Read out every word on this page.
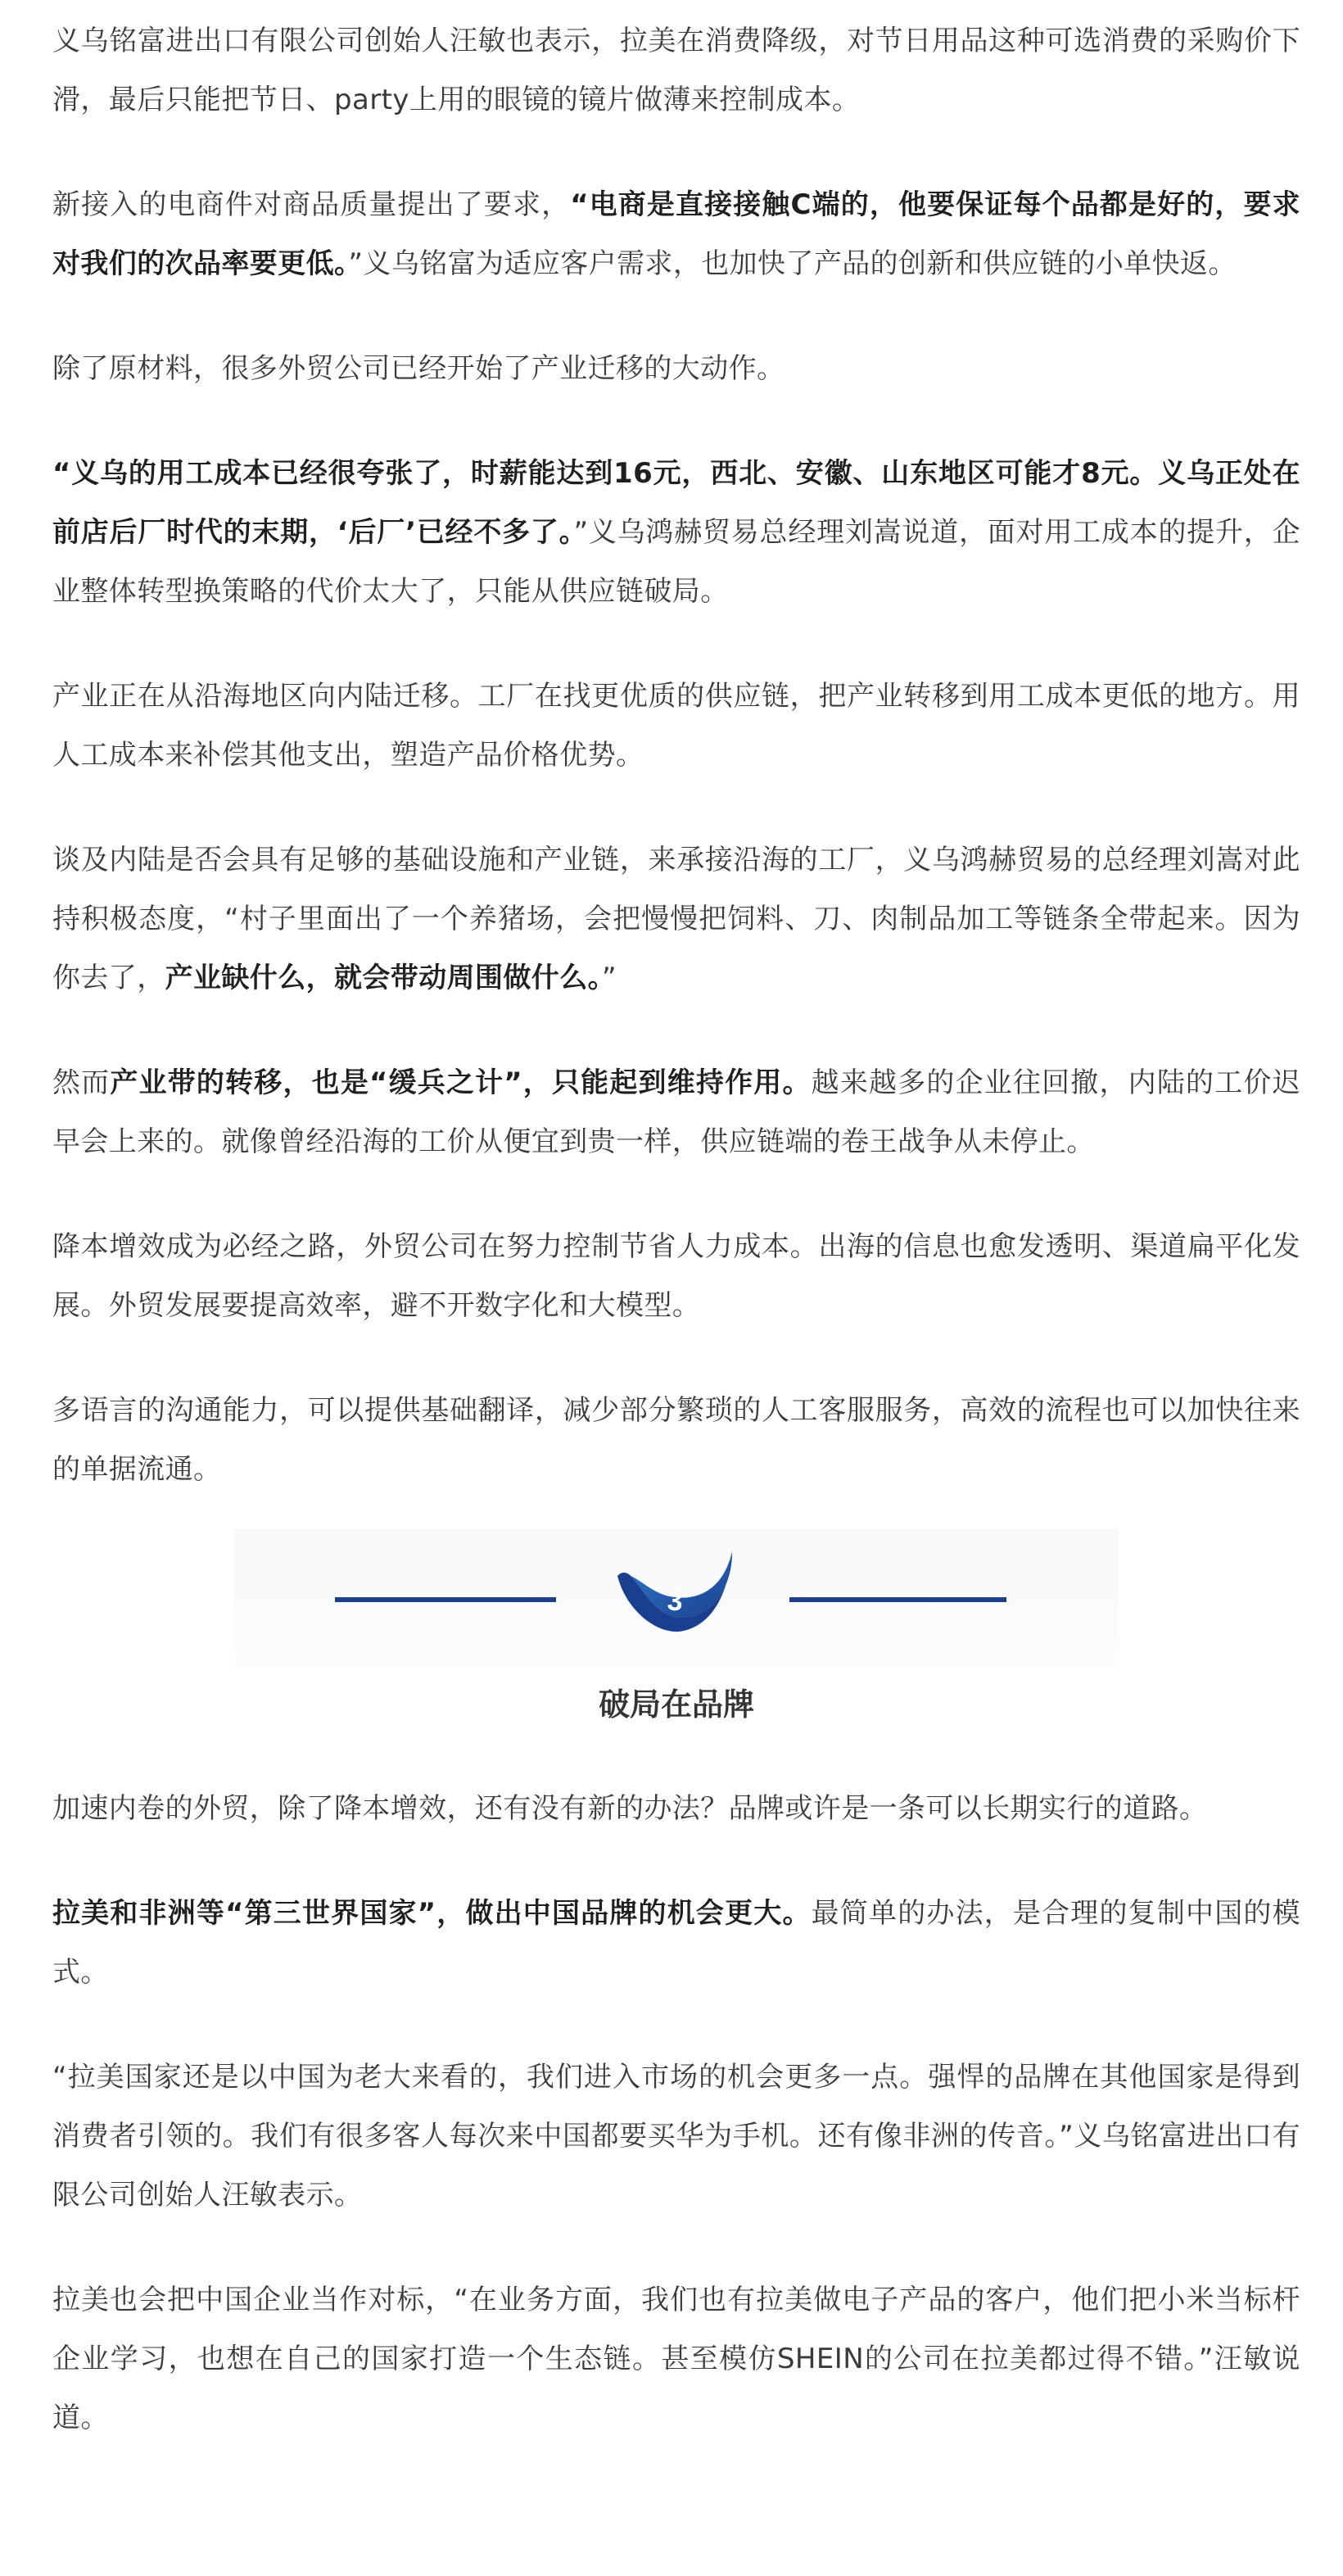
义乌铭富进出口有限公司创始人汪敏也表示，拉美在消费降级，对节日用品这种可选消费的采购价下滑，最后只能把节日、party上用的眼镜的镜片做薄来控制成本。

新接入的电商件对商品质量提出了要求，“电商是直接接触C端的，他要保证每个品都是好的，要求对我们的次品率要更低。”义乌铭富为适应客户需求，也加快了产品的创新和供应链的小单快返。

除了原材料，很多外贸公司已经开始了产业迁移的大动作。

“义乌的用工成本已经很夸张了，时薪能达到16元，西北、安徽、山东地区可能才8元。义乌正处在前店后厂时代的末期，‘后厂’已经不多了。”义乌鸿赫贸易总经理刘嵩说道，面对用工成本的提升，企业整体转型换策略的代价太大了，只能从供应链破局。

产业正在从沿海地区向内陆迁移。工厂在找更优质的供应链，把产业转移到用工成本更低的地方。用人工成本来补偿其他支出，塑造产品价格优势。

谈及内陆是否会具有足够的基础设施和产业链，来承接沿海的工厂，义乌鸿赫贸易的总经理刘嵩对此持积极态度，“村子里面出了一个养猪场，会把慢慢把饲料、刀、肉制品加工等链条全带起来。因为你去了，产业缺什么，就会带动周围做什么。”

然而产业带的转移，也是“缓兵之计”，只能起到维持作用。越来越多的企业往回撤，内陆的工价迟早会上来的。就像曾经沿海的工价从便宜到贵一样，供应链端的卷王战争从未停止。

降本增效成为必经之路，外贸公司在努力控制节省人力成本。出海的信息也愈发透明、渠道扁平化发展。外贸发展要提高效率，避不开数字化和大模型。

多语言的沟通能力，可以提供基础翻译，减少部分繁琐的人工客服服务，高效的流程也可以加快往来的单据流通。

3
破局在品牌

加速内卷的外贸，除了降本增效，还有没有新的办法？品牌或许是一条可以长期实行的道路。

拉美和非洲等“第三世界国家”，做出中国品牌的机会更大。最简单的办法，是合理的复制中国的模式。

“拉美国家还是以中国为老大来看的，我们进入市场的机会更多一点。强悍的品牌在其他国家是得到消费者引领的。我们有很多客人每次来中国都要买华为手机。还有像非洲的传音。”义乌铭富进出口有限公司创始人汪敏表示。

拉美也会把中国企业当作对标，“在业务方面，我们也有拉美做电子产品的客户，他们把小米当标杆企业学习，也想在自己的国家打造一个生态链。甚至模仿SHEIN的公司在拉美都过得不错。”汪敏说道。
